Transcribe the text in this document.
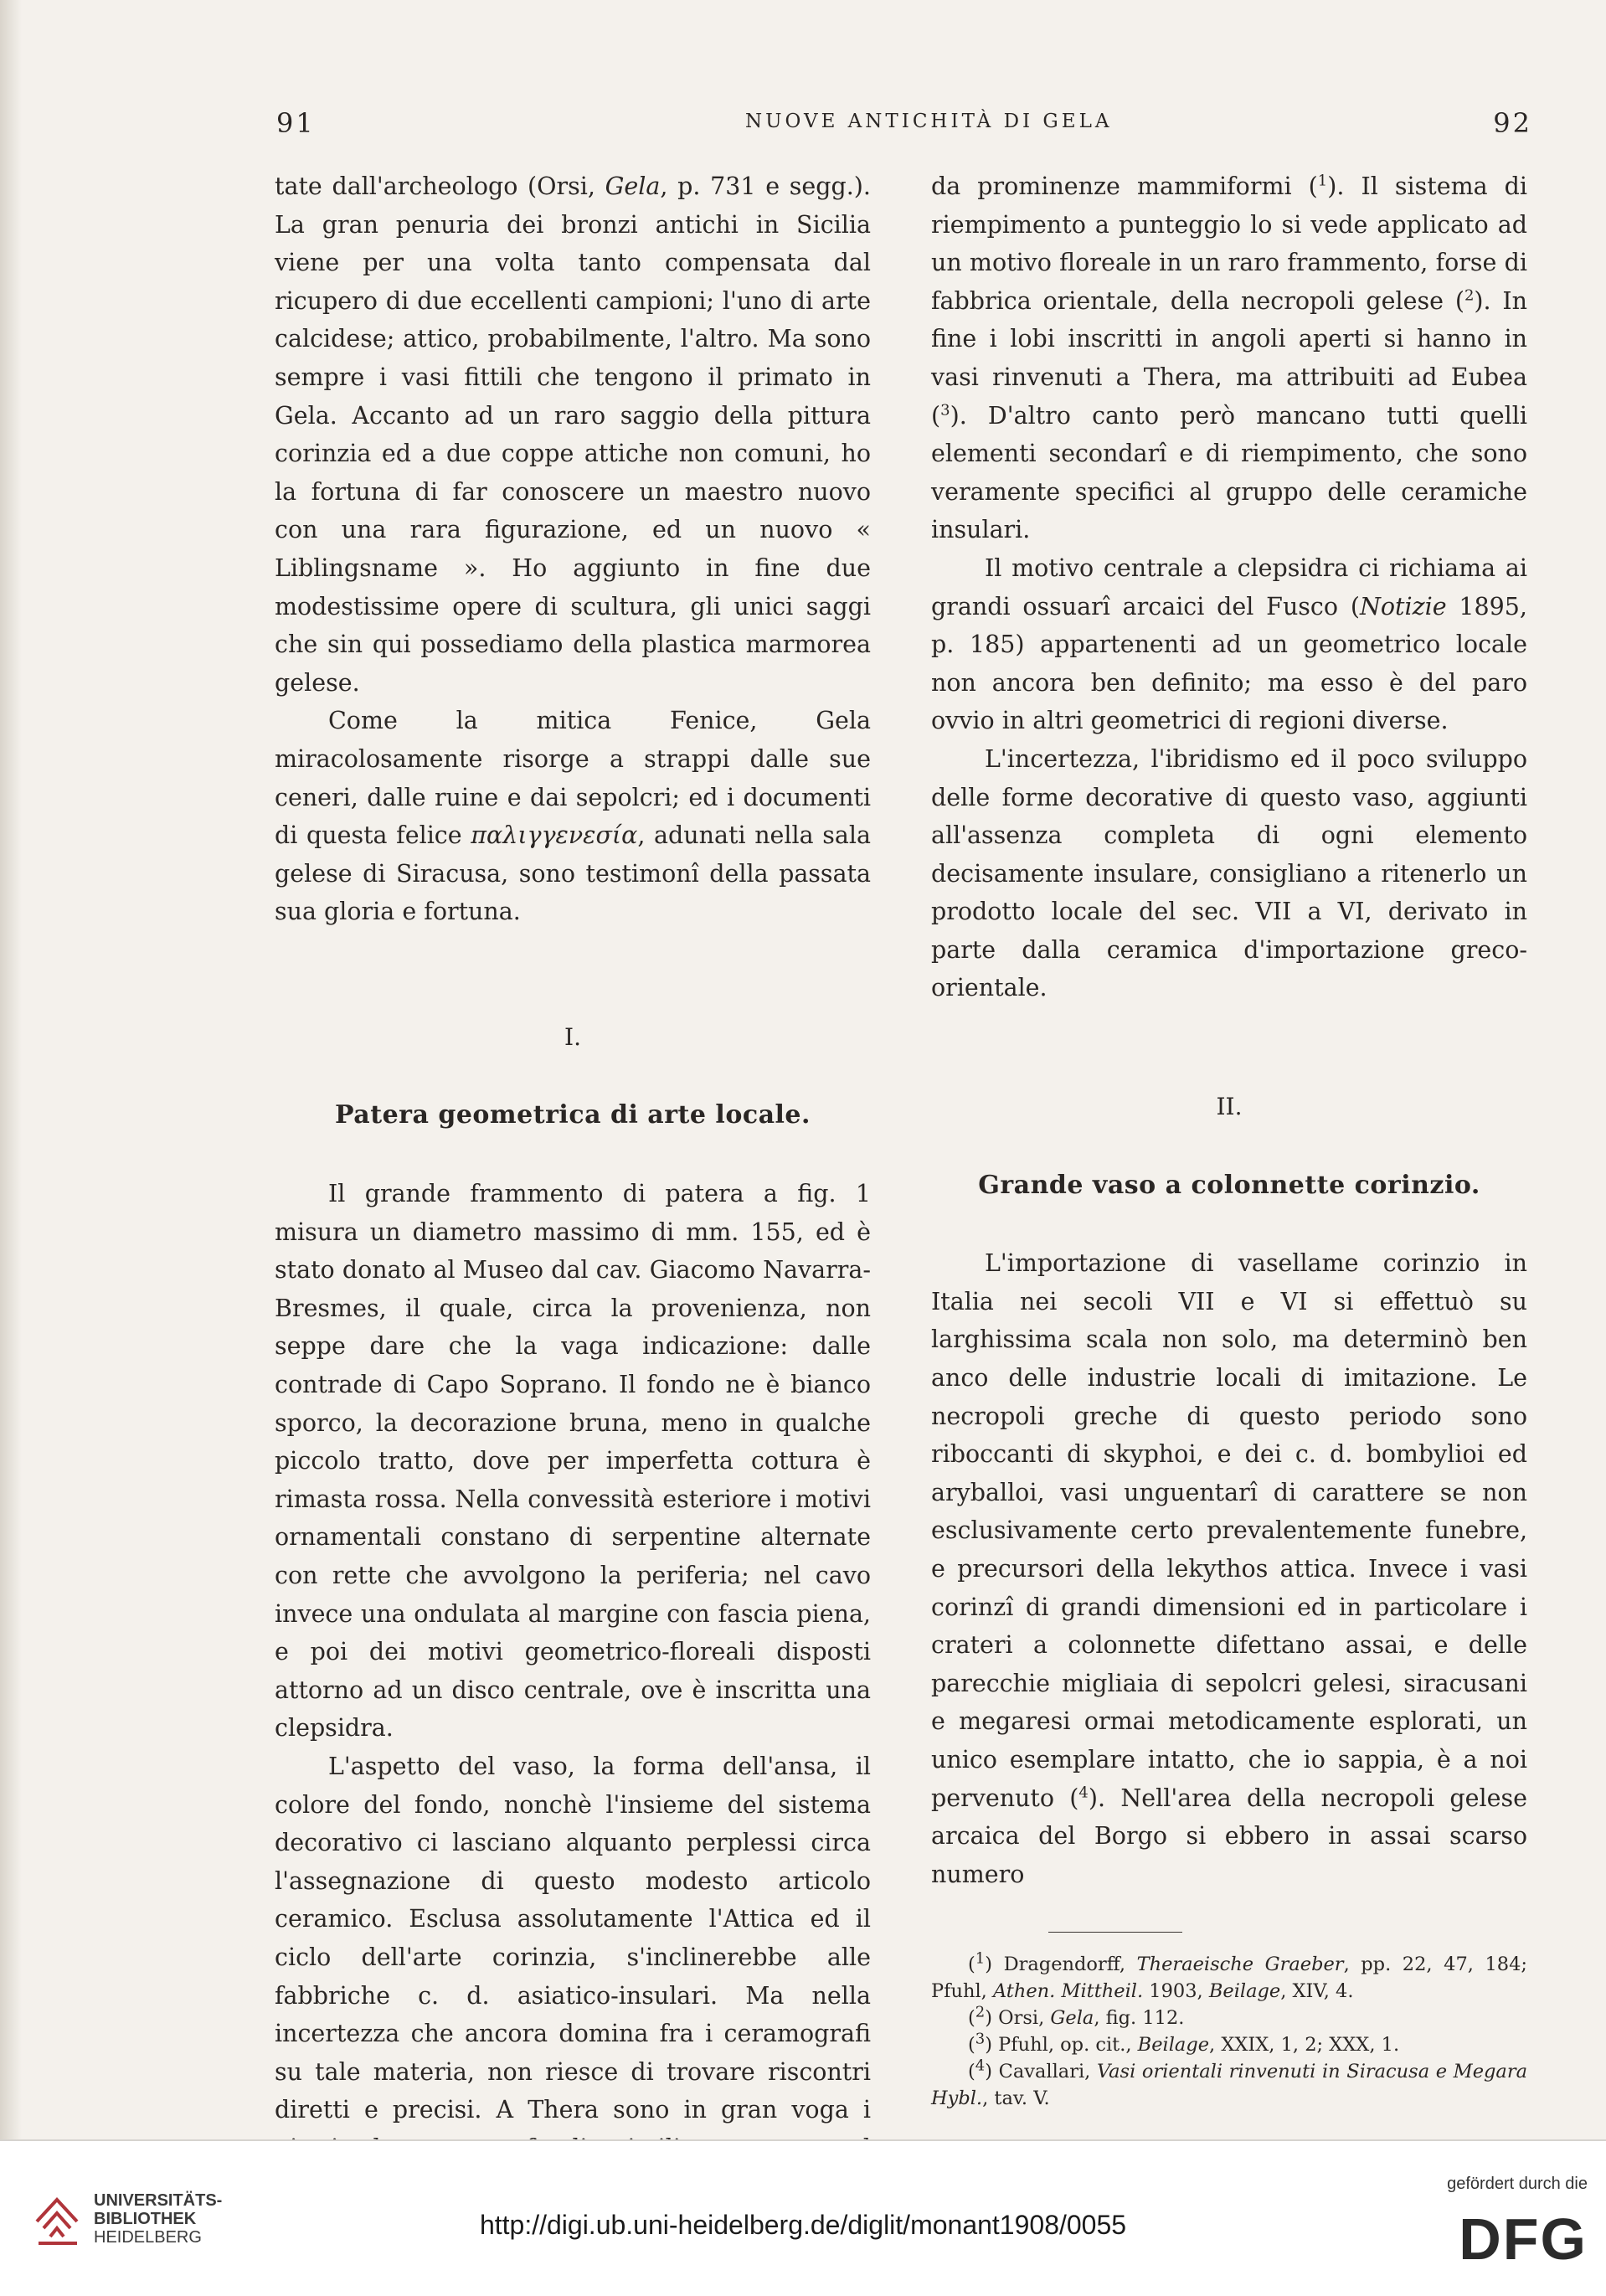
91	NUOVE ANTICHITÀ DI GELA	92

tate dall'archeologo (Orsi, Gela, p. 731 e segg.). La gran penuria dei bronzi antichi in Sicilia viene per una volta tanto compensata dal ricupero di due eccellenti campioni; l'uno di arte calcidese; attico, probabilmente, l'altro. Ma sono sempre i vasi fittili che tengono il primato in Gela. Accanto ad un raro saggio della pittura corinzia ed a due coppe attiche non comuni, ho la fortuna di far conoscere un maestro nuovo con una rara figurazione, ed un nuovo « Liblingsname ». Ho aggiunto in fine due modestissime opere di scultura, gli unici saggi che sin qui possediamo della plastica marmorea gelese.

Come la mitica Fenice, Gela miracolosamente risorge a strappi dalle sue ceneri, dalle ruine e dai sepolcri; ed i documenti di questa felice παλιγγενεσία, adunati nella sala gelese di Siracusa, sono testimonî della passata sua gloria e fortuna.

I.
Patera geometrica di arte locale.

Il grande frammento di patera a fig. 1 misura un diametro massimo di mm. 155, ed è stato donato al Museo dal cav. Giacomo Navarra-Bresmes, il quale, circa la provenienza, non seppe dare che la vaga indicazione: dalle contrade di Capo Soprano. Il fondo ne è bianco sporco, la decorazione bruna, meno in qualche piccolo tratto, dove per imperfetta cottura è rimasta rossa. Nella convessità esteriore i motivi ornamentali constano di serpentine alternate con rette che avvolgono la periferia; nel cavo invece una ondulata al margine con fascia piena, e poi dei motivi geometrico-floreali disposti attorno ad un disco centrale, ove è inscritta una clepsidra.

L'aspetto del vaso, la forma dell'ansa, il colore del fondo, nonchè l'insieme del sistema decorativo ci lasciano alquanto perplessi circa l'assegnazione di questo modesto articolo ceramico. Esclusa assolutamente l'Attica ed il ciclo dell'arte corinzia, s'inclinerebbe alle fabbriche c. d. asiatico-insulari. Ma nella incertezza che ancora domina fra i ceramografi su tale materia, non riesce di trovare riscontri diretti e precisi. A Thera sono in gran voga i

da prominenze mammiformi ($^1$). Il sistema di riempimento a punteggio lo si vede applicato ad un motivo floreale in un raro frammento, forse di fabbrica orientale, della necropoli gelese ($^2$). In fine i lobi inscritti in angoli aperti si hanno in vasi rinvenuti a Thera, ma attribuiti ad Eubea ($^3$). D'altro canto però mancano tutti quelli elementi secondarî e di riempimento, che sono veramente specifici al gruppo delle ceramiche insulari.

Il motivo centrale a clepsidra ci richiama ai grandi ossuarî arcaici del Fusco (Notizie 1895, p. 185) appartenenti ad un geometrico locale non ancora ben definito; ma esso è del paro ovvio in altri geometrici di regioni diverse.

L'incertezza, l'ibridismo ed il poco sviluppo delle forme decorative di questo vaso, aggiunti all'assenza completa di ogni elemento decisamente insulare, consigliano a ritenerlo un prodotto locale del sec. VII a VI, derivato in parte dalla ceramica d'importazione greco-orientale.

II.
Grande vaso a colonnette corinzio.

L'importazione di vasellame corinzio in Italia nei secoli VII e VI si effettuò su larghissima scala non solo, ma determinò ben anco delle industrie locali di imitazione. Le necropoli greche di questo periodo sono riboccanti di skyphoi, e dei c. d. bombylioi ed aryballoi, vasi unguentarî di carattere se non esclusivamente certo prevalentemente funebre, e precursori della lekythos attica. Invece i vasi corinzî di grandi dimensioni ed in particolare i crateri a colonnette difettano assai, e delle parecchie migliaia di sepolcri gelesi, siracusani e megaresi ormai metodicamente esplorati, un unico esemplare intatto, che io sappia, è a noi pervenuto ($^4$). Nell'area della necropoli gelese arcaica del Borgo si ebbero in assai scarso numero

($^1$) Dragendorff, Theraeische Graeber, pp. 22, 47, 184; Pfuhl, Athen. Mittheil. 1903, Beilage, XIV, 4.
($^2$) Orsi, Gela, fig. 112.
($^3$) Pfuhl, op. cit., Beilage, XXIX, 1, 2; XXX, 1.
($^4$) Cavallari, Vasi orientali rinvenuti in Siracusa e Megara Hybl., tav. V.
UNIVERSITÄTS-
BIBLIOTHEK
HEIDELBERG	http://digi.ub.uni-heidelberg.de/diglit/monant1908/0055
gefördert durch die
DFG
